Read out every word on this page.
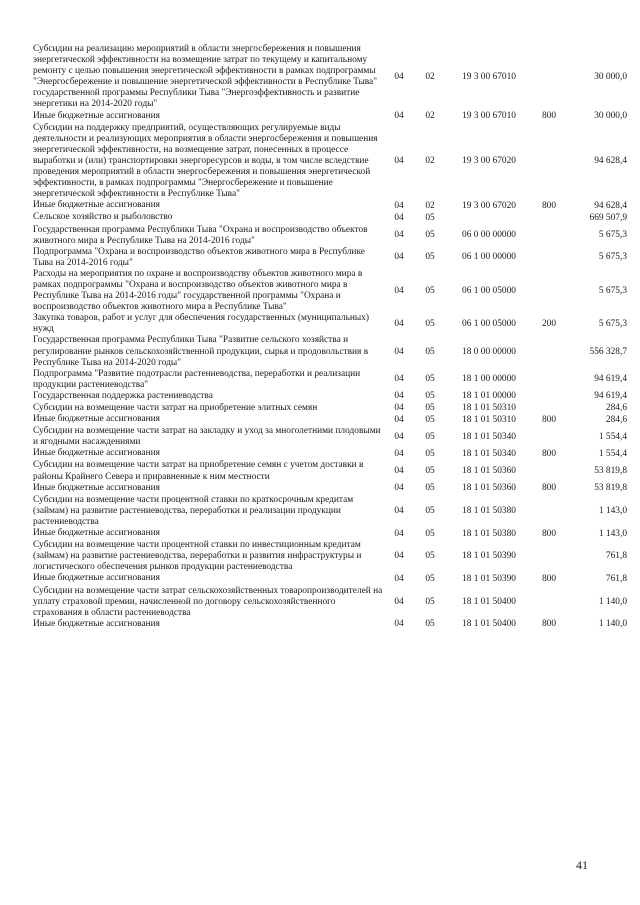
Субсидии на реализацию мероприятий в области энергосбережения и повышения энергетической эффективности на возмещение затрат по текущему и капитальному ремонту с целью повышения энергетической эффективности в рамках подпрограммы "Энергосбережение и повышение энергетической эффективности в Республике Тыва" государственной программы Республики Тыва "Энергоэффективность и развитие энергетики на 2014-2020 годы"	04	02	19 3 00 67010		30 000,0
Иные бюджетные ассигнования	04	02	19 3 00 67010	800	30 000,0
Субсидии на поддержку предприятий, осуществляющих регулируемые виды деятельности и реализующих мероприятия в области энергосбережения и повышения энергетической эффективности, на возмещение затрат, понесенных в процессе выработки и (или) транспортировки энергоресурсов и воды, в том числе вследствие проведения мероприятий в области энергосбережения и повышения энергетической эффективности, в рамках подпрограммы "Энергосбережение и повышение энергетической эффективности в Республике Тыва"	04	02	19 3 00 67020		94 628,4
Иные бюджетные ассигнования	04	02	19 3 00 67020	800	94 628,4
Сельское хозяйство и рыболовство	04	05			669 507,9
Государственная программа Республики Тыва "Охрана и воспроизводство объектов животного мира в Республике Тыва на 2014-2016 годы"	04	05	06 0 00 00000		5 675,3
Подпрограмма "Охрана и воспроизводство объектов животного мира в Республике Тыва на 2014-2016 годы"	04	05	06 1 00 00000		5 675,3
Расходы на мероприятия по охране и воспроизводству объектов животного мира в рамках подпрограммы "Охрана и воспроизводство объектов животного мира в Республике Тыва на 2014-2016 годы" государственной программы "Охрана и воспроизводство объектов животного мира в Республике Тыва"	04	05	06 1 00 05000		5 675,3
Закупка товаров, работ и услуг для обеспечения государственных (муниципальных) нужд	04	05	06 1 00 05000	200	5 675,3
Государственная программа Республики Тыва "Развитие сельского хозяйства и регулирование рынков сельскохозяйственной продукции, сырья и продовольствия в Республике Тыва на 2014-2020 годы"	04	05	18 0 00 00000		556 328,7
Подпрограмма "Развитие подотрасли растениеводства, переработки и реализации продукции растениеводства"	04	05	18 1 00 00000		94 619,4
Государственная поддержка растениеводства	04	05	18 1 01 00000		94 619,4
Субсидии на возмещение части затрат на приобретение элитных семян	04	05	18 1 01 50310		284,6
Иные бюджетные ассигнования	04	05	18 1 01 50310	800	284,6
Субсидии на возмещение части затрат на закладку и уход за многолетними плодовыми и ягодными насаждениями	04	05	18 1 01 50340		1 554,4
Иные бюджетные ассигнования	04	05	18 1 01 50340	800	1 554,4
Субсидии на возмещение части затрат на приобретение семян с учетом доставки в районы Крайнего Севера и приравненные к ним местности	04	05	18 1 01 50360		53 819,8
Иные бюджетные ассигнования	04	05	18 1 01 50360	800	53 819,8
Субсидии на возмещение части процентной ставки по краткосрочным кредитам (займам) на развитие растениеводства, переработки и реализации продукции растениеводства	04	05	18 1 01 50380		1 143,0
Иные бюджетные ассигнования	04	05	18 1 01 50380	800	1 143,0
Субсидии на возмещение части процентной ставки по инвестиционным кредитам (займам) на развитие растениеводства, переработки и развития инфраструктуры и логистического обеспечения рынков продукции растениеводства	04	05	18 1 01 50390		761,8
Иные бюджетные ассигнования	04	05	18 1 01 50390	800	761,8
Субсидии на возмещение части затрат сельскохозяйственных товаропроизводителей на уплату страховой премии, начисленной по договору сельскохозяйственного страхования в области растениеводства	04	05	18 1 01 50400		1 140,0
Иные бюджетные ассигнования	04	05	18 1 01 50400	800	1 140,0
41
